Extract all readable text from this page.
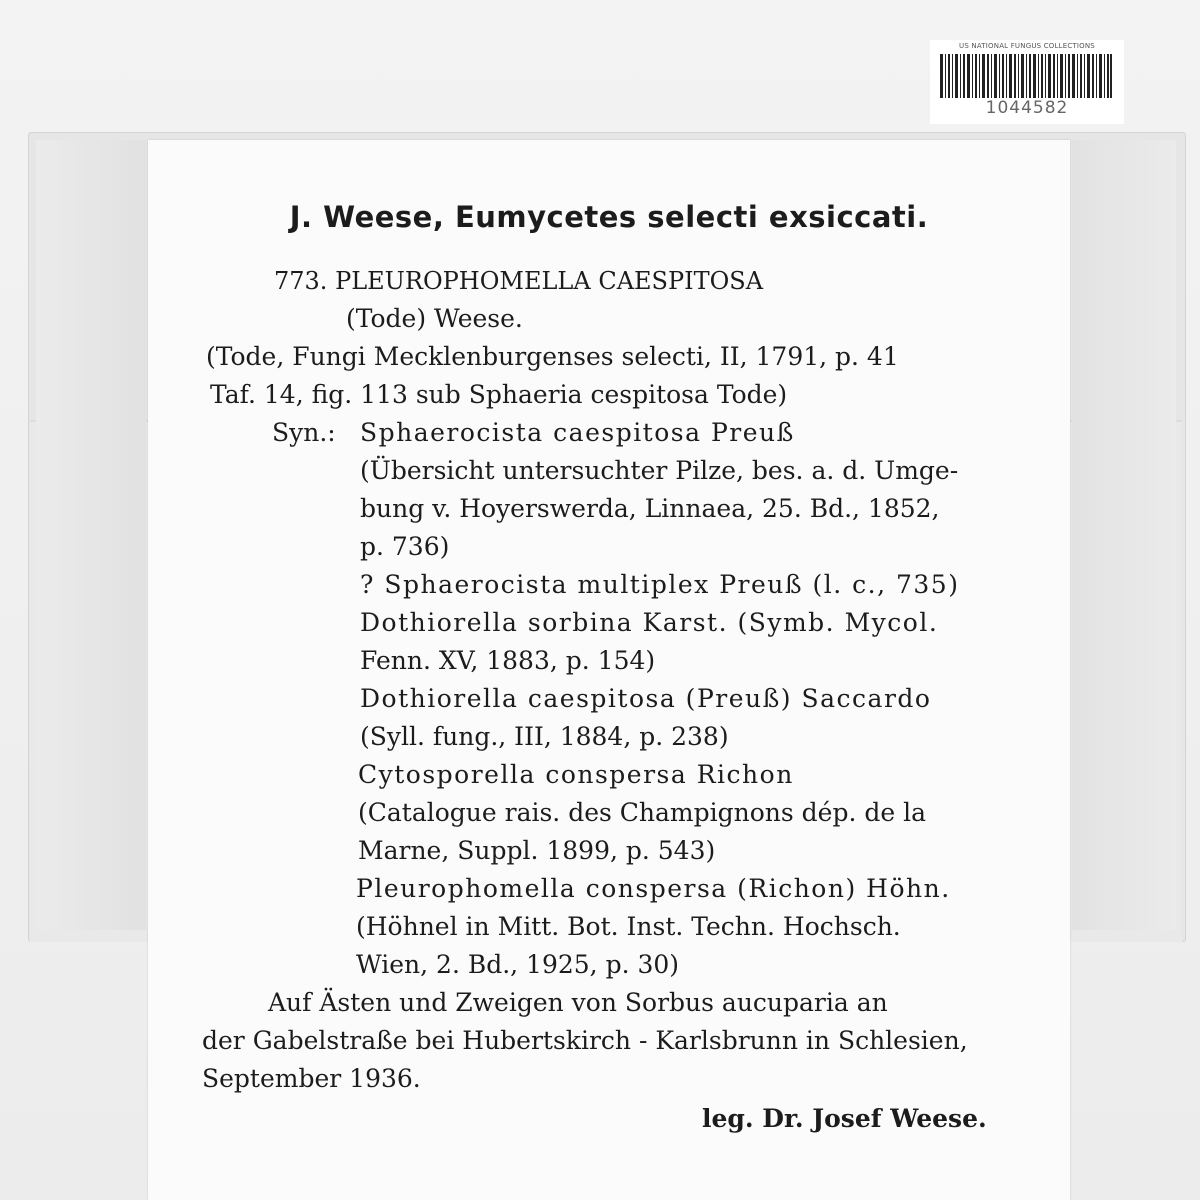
US NATIONAL FUNGUS COLLECTIONS
1044582
J. Weese, Eumycetes selecti exsiccati.
773. PLEUROPHOMELLA CAESPITOSA
(Tode) Weese.
(Tode, Fungi Mecklenburgenses selecti, II, 1791, p. 41
Taf. 14, fig. 113 sub Sphaeria cespitosa Tode)
Syn.: Sphaerocista caespitosa Preuß
(Übersicht untersuchter Pilze, bes. a. d. Umge-
bung v. Hoyerswerda, Linnaea, 25. Bd., 1852,
p. 736)
? Sphaerocista multiplex Preuß (l. c., 735)
Dothiorella sorbina Karst. (Symb. Mycol.
Fenn. XV, 1883, p. 154)
Dothiorella caespitosa (Preuß) Saccardo
(Syll. fung., III, 1884, p. 238)
Cytosporella conspersa Richon
(Catalogue rais. des Champignons dép. de la
Marne, Suppl. 1899, p. 543)
Pleurophomella conspersa (Richon) Höhn.
(Höhnel in Mitt. Bot. Inst. Techn. Hochsch.
Wien, 2. Bd., 1925, p. 30)
Auf Ästen und Zweigen von Sorbus aucuparia an
der Gabelstraße bei Hubertskirch - Karlsbrunn in Schlesien,
September 1936.
leg. Dr. Josef Weese.
